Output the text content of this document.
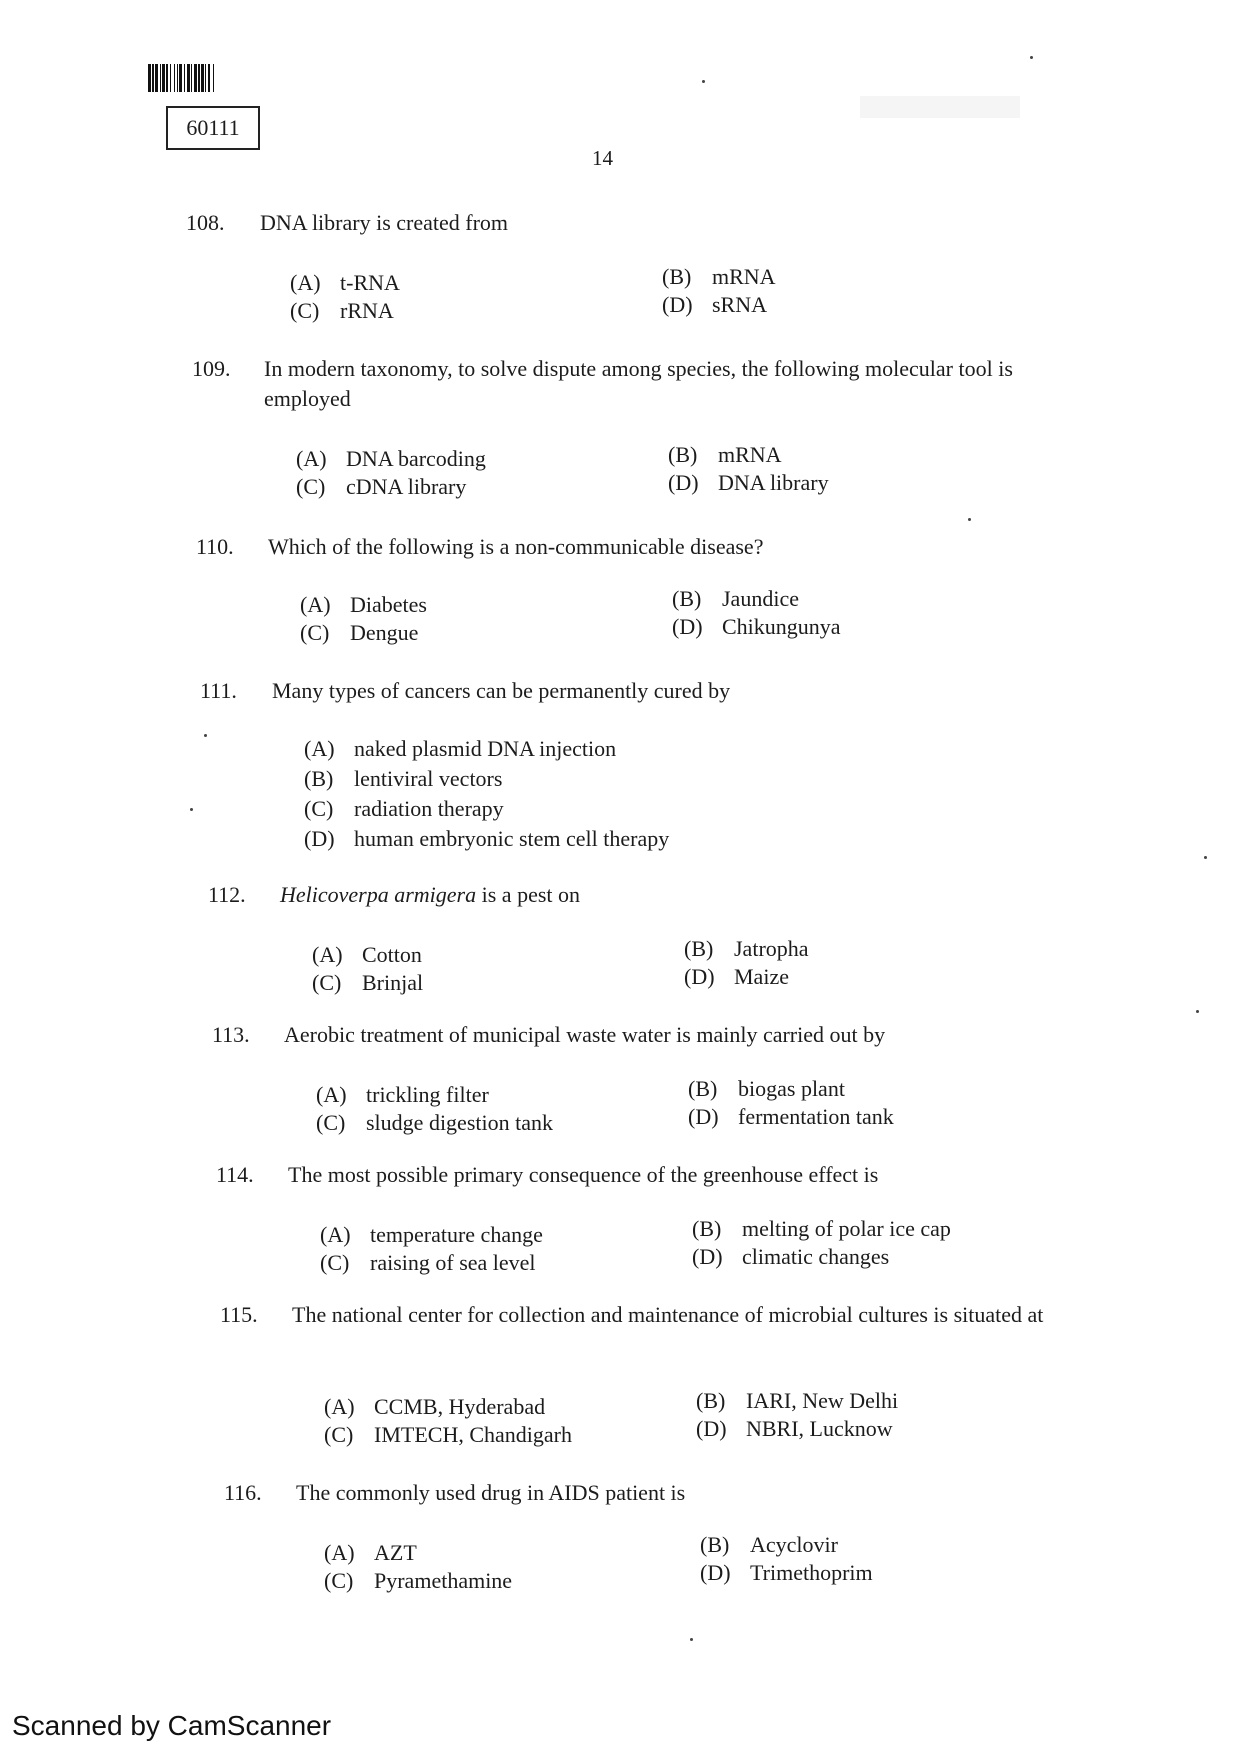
60111
14
108.	DNA library is created from
(A) t-RNA	(B) mRNA
(C) rRNA	(D) sRNA
109.	In modern taxonomy, to solve dispute among species, the following molecular tool is employed
(A) DNA barcoding	(B) mRNA
(C) cDNA library	(D) DNA library
110.	Which of the following is a non-communicable disease?
(A) Diabetes	(B) Jaundice
(C) Dengue	(D) Chikungunya
111.	Many types of cancers can be permanently cured by
(A) naked plasmid DNA injection
(B) lentiviral vectors
(C) radiation therapy
(D) human embryonic stem cell therapy
112.	Helicoverpa armigera is a pest on
(A) Cotton	(B) Jatropha
(C) Brinjal	(D) Maize
113.	Aerobic treatment of municipal waste water is mainly carried out by
(A) trickling filter	(B) biogas plant
(C) sludge digestion tank	(D) fermentation tank
114.	The most possible primary consequence of the greenhouse effect is
(A) temperature change	(B) melting of polar ice cap
(C) raising of sea level	(D) climatic changes
115.	The national center for collection and maintenance of microbial cultures is situated at
(A) CCMB, Hyderabad	(B) IARI, New Delhi
(C) IMTECH, Chandigarh	(D) NBRI, Lucknow
116.	The commonly used drug in AIDS patient is
(A) AZT	(B) Acyclovir
(C) Pyramethamine	(D) Trimethoprim
Scanned by CamScanner
